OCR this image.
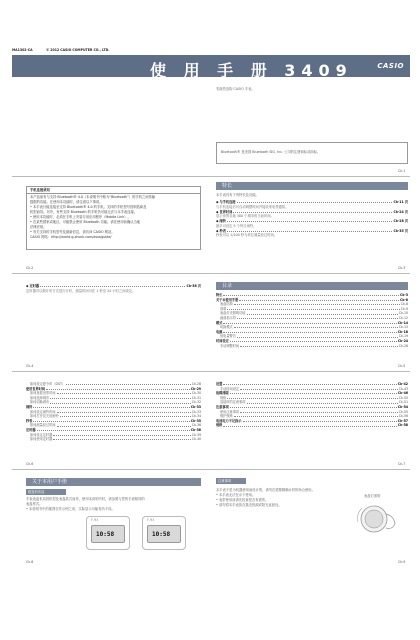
MA1302-CA	© 2012 CASIO COMPUTER CO., LTD.
使 用 手 册 3409	CASIO
衷谢您选购 CASIO 手表。
Bluetooth® 是美国 Bluetooth SIG, Inc. 公司的注册商标或商标。
Ck-1
手机连接须知
本产品备有与支持 Bluetooth® 4.0（本说明书中称为“Bluetooth”）的手机之间传输
数据的功能。在使用本功能时，请注意以下事项。
• 本手表只能连接至支持 Bluetooth® 4.0 的手机。支持的手机型号因制造商及
机型而异。另外，有些支持 Bluetooth 的手机仍可能无法与本手表连接。
• 使用本功能时，必须在手机上安装专用应用程序（Mobile Link）。
• 在某些国家或地区，可能禁止使用 Bluetooth 功能。请在使用前确认当地
法律法规。
• 有关支持的手机型号及最新信息，请访问 CASIO 网站。
CASIO 网站：http://world.g-shock.com/asia/guide/
Ck-2
特长
本手表具有下列特长及功能。
◆ 与手机连接	Ck-11 页
与手机连接后可自动调整时间并接收来电等通知。
◆ 世界时间	Ck-24 页
显示世界各地 300 个城市的当前时间。
◆ 闹铃	Ck-28 页
最多可设定 5 个每日闹铃。
◆ 秒表	Ck-35 页
秒表可以 1/100 秒为单位测量经过时间。
Ck-3
◆ 定时器	Ck-38 页
定时器可以倒计时方式进行计时，测量时间可在 1 秒至 24 小时之间设定。
Ck-4
目录
特长	Ck-3
关于本使用手册	Ck-8
表盘结构	Ck-8
屏幕	Ck-9
表盘灯光照明功能	Ck-10
画面指示符	Ck-12
模式	Ck-14
切换模式	Ck-15
电源	Ck-18
低电量警告	Ck-19
时间设定	Ck-24
手动调整时间	Ck-26
Ck-5
如何设定夏令时（DST）	Ck-28
使用世界时间	Ck-29
如何查看世界时间	Ck-30
如何选择城市	Ck-31
如何切换城市	Ck-32
闹铃	Ck-33
如何设定闹铃时间	Ck-33
如何打开及关闭闹铃	Ck-34
秒表	Ck-35
如何测量经过时间	Ck-36
定时器	Ck-38
如何设定定时器	Ck-39
如何使用定时器	Ck-40
Ck-6
设置	Ck-42
手动时间设定	Ck-43
故障排除	Ck-46
规格	Ck-50
连接时的注意事项	Ck-51
注意事项	Ck-54
使用注意事项	Ck-55
维护保养	Ck-56
电池电力不足指示	Ck-57
规格	Ck-58
Ck-7
关于本用户手册
数显的布局
手表表盘布局因机型及表盘款式而异，使用本说明书时，请参照与您的手表相同的
表盘样式。
• 本说明书中的插图仅作示例之用，实际显示可能有所不同。
F-93
10:58
F-93
10:58
Ck-8
注意事项
本手表不是为机器使用而设计的，请勿在需要精确计时的场合使用。
• 本手表无法在水下使用。
• 表带使用前请先检查是否有损伤。
• 请勿将本手表放在靠近热源或阳光直射处。
表盘灯照明
Ck-9
